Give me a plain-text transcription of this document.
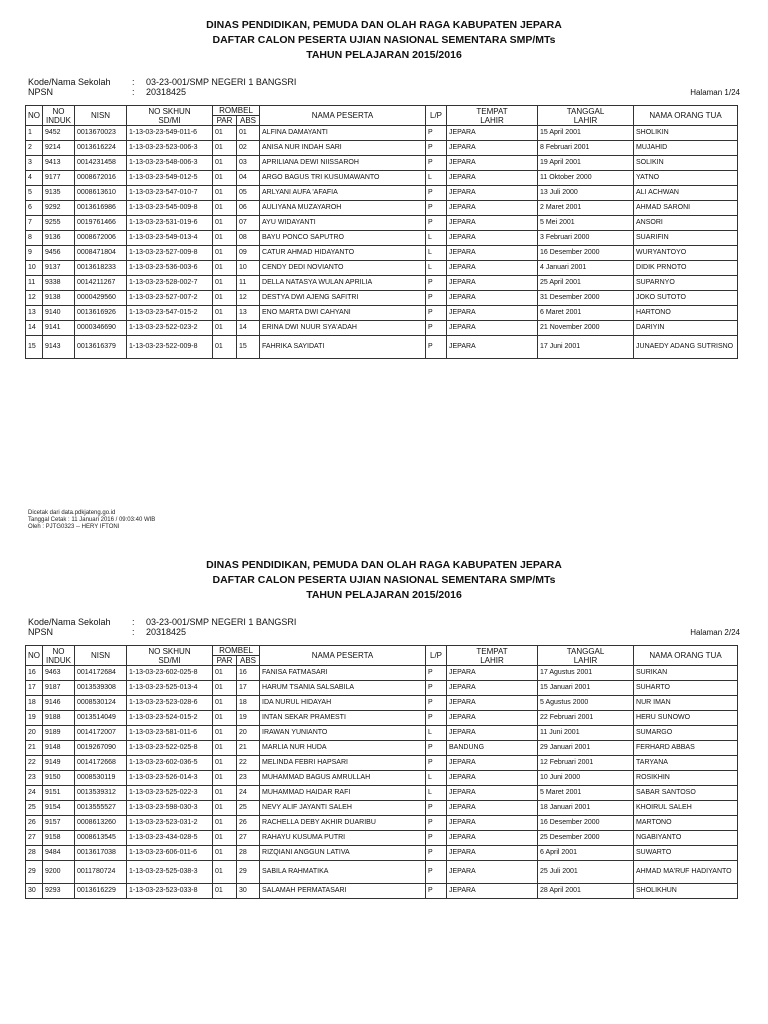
DINAS PENDIDIKAN, PEMUDA DAN OLAH RAGA KABUPATEN JEPARA
DAFTAR CALON PESERTA UJIAN NASIONAL SEMENTARA SMP/MTs
TAHUN PELAJARAN 2015/2016
Kode/Nama Sekolah	:	03-23-001/SMP NEGERI 1 BANGSRI
NPSN	:	20318425	Halaman 1/24
NO	NO
INDUK	NISN	NO SKHUN
SD/MI	ROMBEL		NAMA PESERTA	L/P	TEMPAT
LAHIR	TANGGAL
LAHIR	NAMA ORANG TUA
				PAR	ABS					
1	9452	0013670023	1-13-03-23-549-011-6	01	01	ALFINA DAMAYANTI	P	JEPARA	15 April 2001	SHOLIKIN
2	9214	0013616224	1-13-03-23-523-006-3	01	02	ANISA NUR INDAH SARI	P	JEPARA	8 Februari 2001	MUJAHID
3	9413	0014231458	1-13-03-23-548-006-3	01	03	APRILIANA DEWI NIISSAROH	P	JEPARA	19 April 2001	SOLIKIN
4	9177	0008672016	1-13-03-23-549-012-5	01	04	ARGO BAGUS TRI KUSUMAWANTO	L	JEPARA	11 Oktober 2000	YATNO
5	9135	0008613610	1-13-03-23-547-010-7	01	05	ARLYANI AUFA 'AFAFIA	P	JEPARA	13 Juli 2000	ALI ACHWAN
6	9292	0013616986	1-13-03-23-545-009-8	01	06	AULIYANA MUZAYAROH	P	JEPARA	2 Maret 2001	AHMAD SARONI
7	9255	0019761466	1-13-03-23-531-019-6	01	07	AYU WIDAYANTI	P	JEPARA	5 Mei 2001	ANSORI
8	9136	0008672006	1-13-03-23-549-013-4	01	08	BAYU PONCO SAPUTRO	L	JEPARA	3 Februari 2000	SUARIFIN
9	9456	0008471804	1-13-03-23-527-009-8	01	09	CATUR AHMAD HIDAYANTO	L	JEPARA	16 Desember 2000	WURYANTOYO
10	9137	0013618233	1-13-03-23-536-003-6	01	10	CENDY DEDI NOVIANTO	L	JEPARA	4 Januari 2001	DIDIK PRNOTO
11	9338	0014211267	1-13-03-23-528-002-7	01	11	DELLA NATASYA WULAN APRILIA	P	JEPARA	25 April 2001	SUPARNYO
12	9138	0000429560	1-13-03-23-527-007-2	01	12	DESTYA DWI AJENG SAFITRI	P	JEPARA	31 Desember 2000	JOKO SUTOTO
13	9140	0013616926	1-13-03-23-547-015-2	01	13	ENO MARTA DWI CAHYANI	P	JEPARA	6 Maret 2001	HARTONO
14	9141	0000346690	1-13-03-23-522-023-2	01	14	ERINA DWI NUUR SYA'ADAH	P	JEPARA	21 November 2000	DARIYIN
15	9143	0013616379	1-13-03-23-522-009-8	01	15	FAHRIKA SAYIDATI	P	JEPARA	17 Juni 2001	JUNAEDY ADANG SUTRISNO
Dicetak dari data.pdkjateng.go.id
Tanggal Cetak : 11 Januari 2016 / 09:03:40 WIB
Oleh : PJTG0323 -- HERY IFTONI
DINAS PENDIDIKAN, PEMUDA DAN OLAH RAGA KABUPATEN JEPARA
DAFTAR CALON PESERTA UJIAN NASIONAL SEMENTARA SMP/MTs
TAHUN PELAJARAN 2015/2016
Kode/Nama Sekolah	:	03-23-001/SMP NEGERI 1 BANGSRI
NPSN	:	20318425	Halaman 2/24
NO	NO
INDUK	NISN	NO SKHUN
SD/MI	ROMBEL		NAMA PESERTA	L/P	TEMPAT
LAHIR	TANGGAL
LAHIR	NAMA ORANG TUA
				PAR	ABS					
16	9463	0014172684	1-13-03-23-602-025-8	01	16	FANISA FATMASARI	P	JEPARA	17 Agustus 2001	SURIKAN
17	9187	0013539308	1-13-03-23-525-013-4	01	17	HARUM TSANIA SALSABILA	P	JEPARA	15 Januari 2001	SUHARTO
18	9146	0008530124	1-13-03-23-523-028-6	01	18	IDA NURUL HIDAYAH	P	JEPARA	5 Agustus 2000	NUR IMAN
19	9188	0013514049	1-13-03-23-524-015-2	01	19	INTAN SEKAR PRAMESTI	P	JEPARA	22 Februari 2001	HERU SUNOWO
20	9189	0014172007	1-13-03-23-581-011-6	01	20	IRAWAN YUNIANTO	L	JEPARA	11 Juni 2001	SUMARGO
21	9148	0019267090	1-13-03-23-522-025-8	01	21	MARLIA NUR HUDA	P	BANDUNG	29 Januari 2001	FERHARD ABBAS
22	9149	0014172668	1-13-03-23-602-036-5	01	22	MELINDA FEBRI HAPSARI	P	JEPARA	12 Februari 2001	TARYANA
23	9150	0008530119	1-13-03-23-526-014-3	01	23	MUHAMMAD BAGUS AMRULLAH	L	JEPARA	10 Juni 2000	ROSIKHIN
24	9151	0013539312	1-13-03-23-525-022-3	01	24	MUHAMMAD HAIDAR RAFI	L	JEPARA	5 Maret 2001	SABAR SANTOSO
25	9154	0013555527	1-13-03-23-598-030-3	01	25	NEVY ALIF JAYANTI SALEH	P	JEPARA	18 Januari 2001	KHOIRUL SALEH
26	9157	0008613260	1-13-03-23-523-031-2	01	26	RACHELLA DEBY AKHIR DUARIBU	P	JEPARA	16 Desember 2000	MARTONO
27	9158	0008613545	1-13-03-23-434-028-5	01	27	RAHAYU KUSUMA PUTRI	P	JEPARA	25 Desember 2000	NGABIYANTO
28	9484	0013617038	1-13-03-23-606-011-6	01	28	RIZQIANI ANGGUN LATIVA	P	JEPARA	6 April 2001	SUWARTO
29	9200	0011780724	1-13-03-23-525-038-3	01	29	SABILA RAHMATIKA	P	JEPARA	25 Juli 2001	AHMAD MA'RUF HADIYANTO
30	9293	0013616229	1-13-03-23-523-033-8	01	30	SALAMAH PERMATASARI	P	JEPARA	28 April 2001	SHOLIKHUN
